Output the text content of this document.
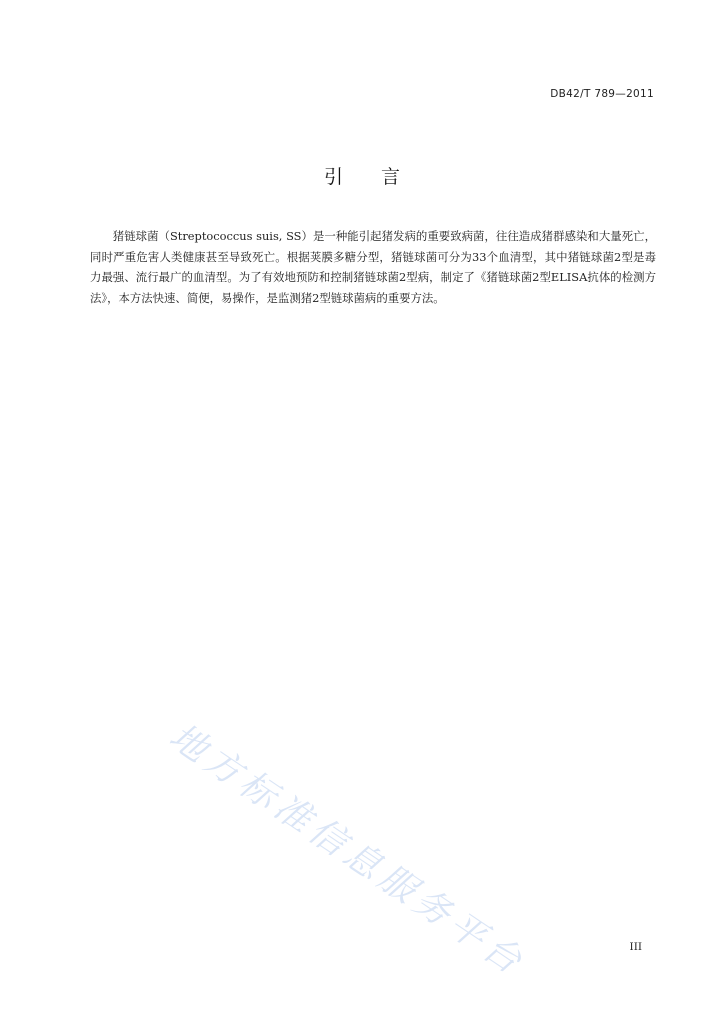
DB42/T 789—2011
引 言

猪链球菌（Streptococcus suis, SS）是一种能引起猪发病的重要致病菌，往往造成猪群感染和大量死亡，同时严重危害人类健康甚至导致死亡。根据荚膜多糖分型，猪链球菌可分为33个血清型，其中猪链球菌2型是毒力最强、流行最广的血清型。为了有效地预防和控制猪链球菌2型病，制定了《猪链球菌2型ELISA抗体的检测方法》，本方法快速、简便，易操作，是监测猪2型链球菌病的重要方法。

地方标准信息服务平台	III
